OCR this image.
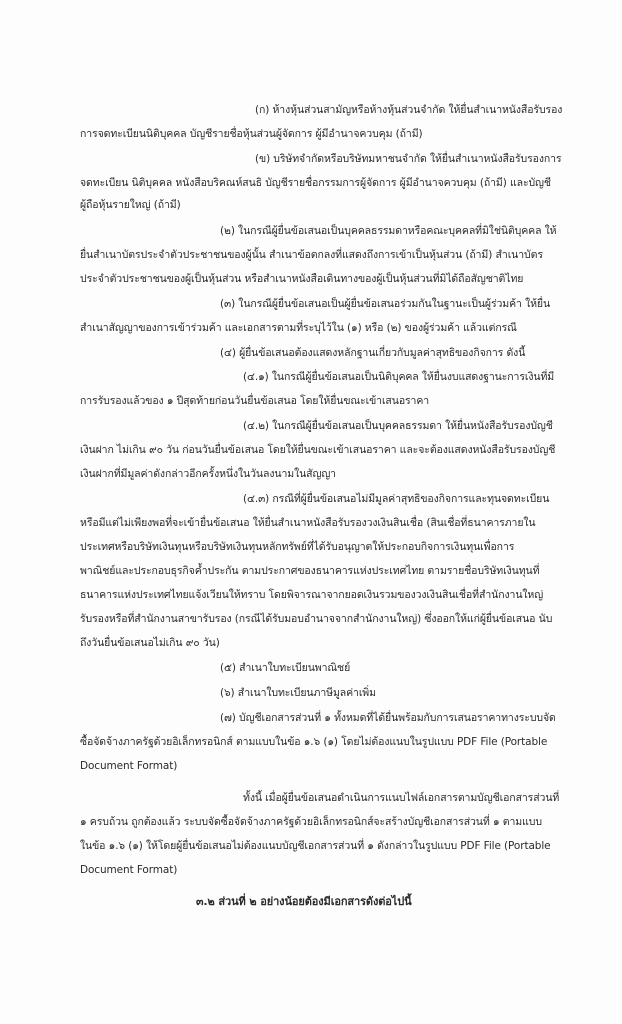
(ก) ห้างหุ้นส่วนสามัญหรือห้างหุ้นส่วนจำกัด ให้ยื่นสำเนาหนังสือรับรอง
การจดทะเบียนนิติบุคคล บัญชีรายชื่อหุ้นส่วนผู้จัดการ ผู้มีอำนาจควบคุม (ถ้ามี)
(ข) บริษัทจำกัดหรือบริษัทมหาชนจำกัด ให้ยื่นสำเนาหนังสือรับรองการ
จดทะเบียน นิติบุคคล หนังสือบริคณห์สนธิ บัญชีรายชื่อกรรมการผู้จัดการ ผู้มีอำนาจควบคุม (ถ้ามี) และบัญชี
ผู้ถือหุ้นรายใหญ่ (ถ้ามี)
(๒) ในกรณีผู้ยื่นข้อเสนอเป็นบุคคลธรรมดาหรือคณะบุคคลที่มิใช่นิติบุคคล ให้
ยื่นสำเนาบัตรประจำตัวประชาชนของผู้นั้น สำเนาข้อตกลงที่แสดงถึงการเข้าเป็นหุ้นส่วน (ถ้ามี) สำเนาบัตร
ประจำตัวประชาชนของผู้เป็นหุ้นส่วน หรือสำเนาหนังสือเดินทางของผู้เป็นหุ้นส่วนที่มิได้ถือสัญชาติไทย
(๓) ในกรณีผู้ยื่นข้อเสนอเป็นผู้ยื่นข้อเสนอร่วมกันในฐานะเป็นผู้ร่วมค้า ให้ยื่น
สำเนาสัญญาของการเข้าร่วมค้า และเอกสารตามที่ระบุไว้ใน (๑) หรือ (๒) ของผู้ร่วมค้า แล้วแต่กรณี
(๔) ผู้ยื่นข้อเสนอต้องแสดงหลักฐานเกี่ยวกับมูลค่าสุทธิของกิจการ ดังนี้
(๔.๑) ในกรณีผู้ยื่นข้อเสนอเป็นนิติบุคคล ให้ยื่นงบแสดงฐานะการเงินที่มี
การรับรองแล้วของ ๑ ปีสุดท้ายก่อนวันยื่นข้อเสนอ โดยให้ยื่นขณะเข้าเสนอราคา
(๔.๒) ในกรณีผู้ยื่นข้อเสนอเป็นบุคคลธรรมดา ให้ยื่นหนังสือรับรองบัญชี
เงินฝาก ไม่เกิน ๙๐ วัน ก่อนวันยื่นข้อเสนอ โดยให้ยื่นขณะเข้าเสนอราคา และจะต้องแสดงหนังสือรับรองบัญชี
เงินฝากที่มีมูลค่าดังกล่าวอีกครั้งหนึ่งในวันลงนามในสัญญา
(๔.๓) กรณีที่ผู้ยื่นข้อเสนอไม่มีมูลค่าสุทธิของกิจการและทุนจดทะเบียน
หรือมีแต่ไม่เพียงพอที่จะเข้ายื่นข้อเสนอ ให้ยื่นสำเนาหนังสือรับรองวงเงินสินเชื่อ (สินเชื่อที่ธนาคารภายใน
ประเทศหรือบริษัทเงินทุนหรือบริษัทเงินทุนหลักทรัพย์ที่ได้รับอนุญาตให้ประกอบกิจการเงินทุนเพื่อการ
พาณิชย์และประกอบธุรกิจค้ำประกัน ตามประกาศของธนาคารแห่งประเทศไทย ตามรายชื่อบริษัทเงินทุนที่
ธนาคารแห่งประเทศไทยแจ้งเวียนให้ทราบ โดยพิจารณาจากยอดเงินรวมของวงเงินสินเชื่อที่สำนักงานใหญ่
รับรองหรือที่สำนักงานสาขารับรอง (กรณีได้รับมอบอำนาจจากสำนักงานใหญ่) ซึ่งออกให้แก่ผู้ยื่นข้อเสนอ นับ
ถึงวันยื่นข้อเสนอไม่เกิน ๙๐ วัน)
(๕) สำเนาใบทะเบียนพาณิชย์
(๖) สำเนาใบทะเบียนภาษีมูลค่าเพิ่ม
(๗) บัญชีเอกสารส่วนที่ ๑ ทั้งหมดที่ได้ยื่นพร้อมกับการเสนอราคาทางระบบจัด
ซื้อจัดจ้างภาครัฐด้วยอิเล็กทรอนิกส์ ตามแบบในข้อ ๑.๖ (๑) โดยไม่ต้องแนบในรูปแบบ PDF File (Portable
Document Format)
ทั้งนี้ เมื่อผู้ยื่นข้อเสนอดำเนินการแนบไฟล์เอกสารตามบัญชีเอกสารส่วนที่
๑ ครบถ้วน ถูกต้องแล้ว ระบบจัดซื้อจัดจ้างภาครัฐด้วยอิเล็กทรอนิกส์จะสร้างบัญชีเอกสารส่วนที่ ๑ ตามแบบ
ในข้อ ๑.๖ (๑) ให้โดยผู้ยื่นข้อเสนอไม่ต้องแนบบัญชีเอกสารส่วนที่ ๑ ดังกล่าวในรูปแบบ PDF File (Portable
Document Format)
๓.๒ ส่วนที่ ๒ อย่างน้อยต้องมีเอกสารดังต่อไปนี้
